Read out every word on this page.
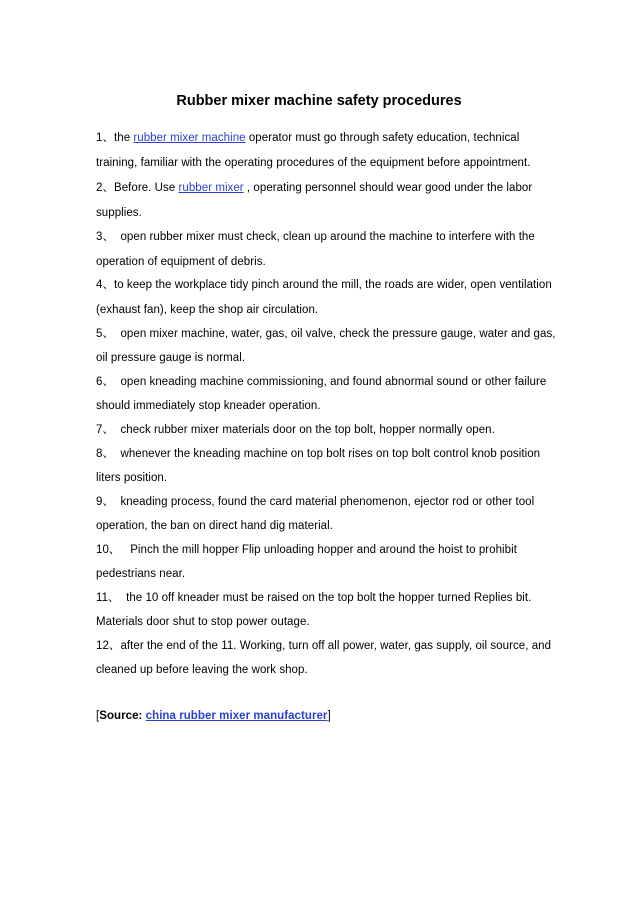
Rubber mixer machine safety procedures
1、the rubber mixer machine operator must go through safety education, technical
training, familiar with the operating procedures of the equipment before appointment.
2、Before. Use rubber mixer , operating personnel should wear good under the labor
supplies.
3、  open rubber mixer must check, clean up around the machine to interfere with the
operation of equipment of debris.
4、to keep the workplace tidy pinch around the mill, the roads are wider, open ventilation
(exhaust fan), keep the shop air circulation.
5、  open mixer machine, water, gas, oil valve, check the pressure gauge, water and gas,
oil pressure gauge is normal.
6、  open kneading machine commissioning, and found abnormal sound or other failure
should immediately stop kneader operation.
7、  check rubber mixer materials door on the top bolt, hopper normally open.
8、  whenever the kneading machine on top bolt rises on top bolt control knob position
liters position.
9、  kneading process, found the card material phenomenon, ejector rod or other tool
operation, the ban on direct hand dig material.
10、   Pinch the mill hopper Flip unloading hopper and around the hoist to prohibit
pedestrians near.
11、  the 10 off kneader must be raised on the top bolt the hopper turned Replies bit.
Materials door shut to stop power outage.
12、after the end of the 11. Working, turn off all power, water, gas supply, oil source, and
cleaned up before leaving the work shop.
[Source: china rubber mixer manufacturer]
